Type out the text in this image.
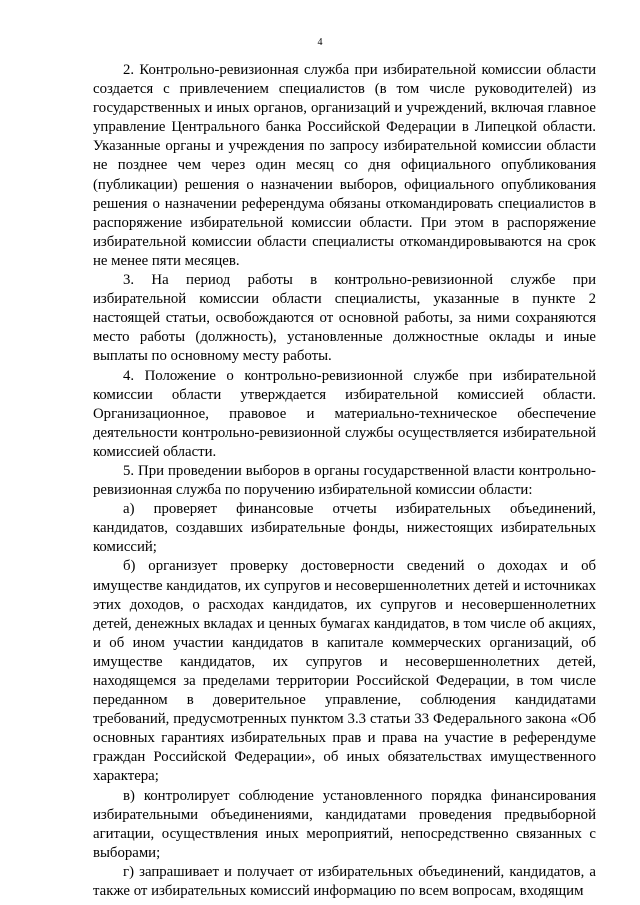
4

2. Контрольно-ревизионная служба при избирательной комиссии области создается с привлечением специалистов (в том числе руководителей) из государственных и иных органов, организаций и учреждений, включая главное управление Центрального банка Российской Федерации в Липецкой области. Указанные органы и учреждения по запросу избирательной комиссии области не позднее чем через один месяц со дня официального опубликования (публикации) решения о назначении выборов, официального опубликования решения о назначении референдума обязаны откомандировать специалистов в распоряжение избирательной комиссии области. При этом в распоряжение избирательной комиссии области специалисты откомандировываются на срок не менее пяти месяцев.

3. На период работы в контрольно-ревизионной службе при избирательной комиссии области специалисты, указанные в пункте 2 настоящей статьи, освобождаются от основной работы, за ними сохраняются место работы (должность), установленные должностные оклады и иные выплаты по основному месту работы.

4. Положение о контрольно-ревизионной службе при избирательной комиссии области утверждается избирательной комиссией области. Организационное, правовое и материально-техническое обеспечение деятельности контрольно-ревизионной службы осуществляется избирательной комиссией области.

5. При проведении выборов в органы государственной власти контрольно-ревизионная служба по поручению избирательной комиссии области:

а) проверяет финансовые отчеты избирательных объединений, кандидатов, создавших избирательные фонды, нижестоящих избирательных комиссий;

б) организует проверку достоверности сведений о доходах и об имуществе кандидатов, их супругов и несовершеннолетних детей и источниках этих доходов, о расходах кандидатов, их супругов и несовершеннолетних детей, денежных вкладах и ценных бумагах кандидатов, в том числе об акциях, и об ином участии кандидатов в капитале коммерческих организаций, об имуществе кандидатов, их супругов и несовершеннолетних детей, находящемся за пределами территории Российской Федерации, в том числе переданном в доверительное управление, соблюдения кандидатами требований, предусмотренных пунктом 3.3 статьи 33 Федерального закона «Об основных гарантиях избирательных прав и права на участие в референдуме граждан Российской Федерации», об иных обязательствах имущественного характера;

в) контролирует соблюдение установленного порядка финансирования избирательными объединениями, кандидатами проведения предвыборной агитации, осуществления иных мероприятий, непосредственно связанных с выборами;

г) запрашивает и получает от избирательных объединений, кандидатов, а также от избирательных комиссий информацию по всем вопросам, входящим
